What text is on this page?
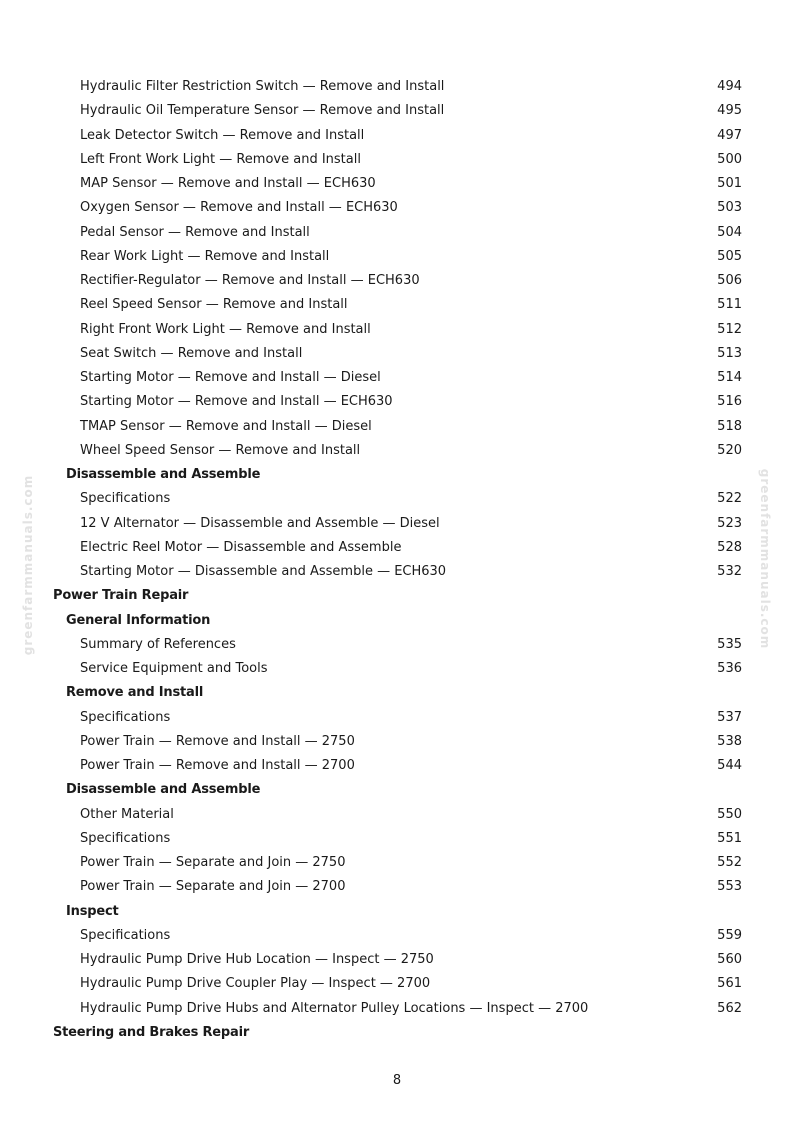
Hydraulic Filter Restriction Switch — Remove and Install	494
Hydraulic Oil Temperature Sensor — Remove and Install	495
Leak Detector Switch — Remove and Install	497
Left Front Work Light — Remove and Install	500
MAP Sensor — Remove and Install — ECH630	501
Oxygen Sensor — Remove and Install — ECH630	503
Pedal Sensor — Remove and Install	504
Rear Work Light — Remove and Install	505
Rectifier-Regulator — Remove and Install — ECH630	506
Reel Speed Sensor — Remove and Install	511
Right Front Work Light — Remove and Install	512
Seat Switch — Remove and Install	513
Starting Motor — Remove and Install — Diesel	514
Starting Motor — Remove and Install — ECH630	516
TMAP Sensor — Remove and Install — Diesel	518
Wheel Speed Sensor — Remove and Install	520
Disassemble and Assemble
Specifications	522
12 V Alternator — Disassemble and Assemble — Diesel	523
Electric Reel Motor — Disassemble and Assemble	528
Starting Motor — Disassemble and Assemble — ECH630	532
Power Train Repair
General Information
Summary of References	535
Service Equipment and Tools	536
Remove and Install
Specifications	537
Power Train — Remove and Install — 2750	538
Power Train — Remove and Install — 2700	544
Disassemble and Assemble
Other Material	550
Specifications	551
Power Train — Separate and Join — 2750	552
Power Train — Separate and Join — 2700	553
Inspect
Specifications	559
Hydraulic Pump Drive Hub Location — Inspect — 2750	560
Hydraulic Pump Drive Coupler Play — Inspect — 2700	561
Hydraulic Pump Drive Hubs and Alternator Pulley Locations — Inspect — 2700	562
Steering and Brakes Repair
greenfarmmanuals.com	greenfarmmanuals.com
8
